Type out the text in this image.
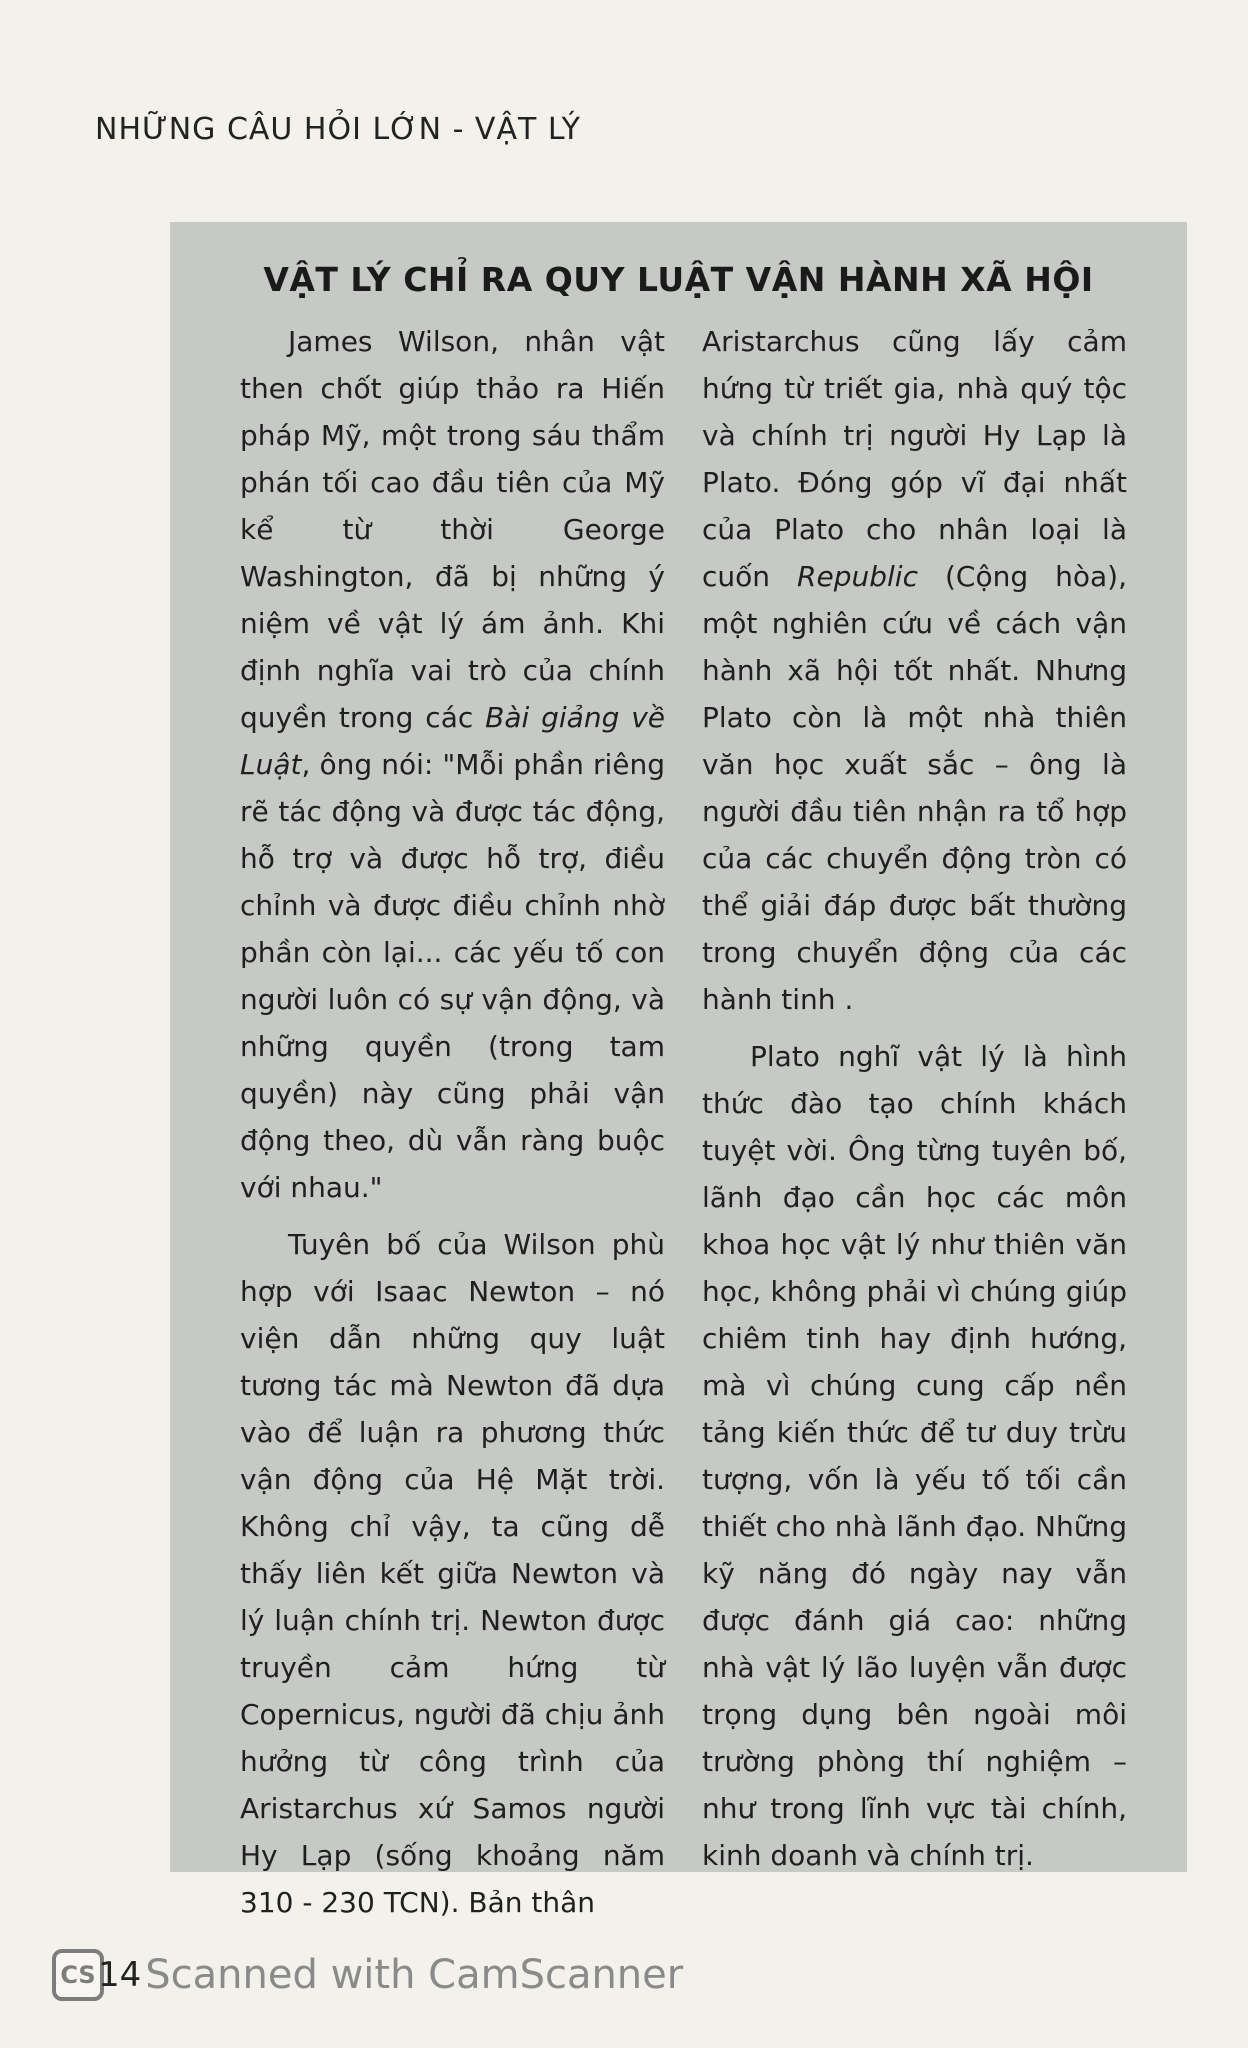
NHỮNG CÂU HỎI LỚN - VẬT LÝ
VẬT LÝ CHỈ RA QUY LUẬT VẬN HÀNH XÃ HỘI

James Wilson, nhân vật then chốt giúp thảo ra Hiến pháp Mỹ, một trong sáu thẩm phán tối cao đầu tiên của Mỹ kể từ thời George Washington, đã bị những ý niệm về vật lý ám ảnh. Khi định nghĩa vai trò của chính quyền trong các Bài giảng về Luật, ông nói: "Mỗi phần riêng rẽ tác động và được tác động, hỗ trợ và được hỗ trợ, điều chỉnh và được điều chỉnh nhờ phần còn lại... các yếu tố con người luôn có sự vận động, và những quyền (trong tam quyền) này cũng phải vận động theo, dù vẫn ràng buộc với nhau."

Tuyên bố của Wilson phù hợp với Isaac Newton – nó viện dẫn những quy luật tương tác mà Newton đã dựa vào để luận ra phương thức vận động của Hệ Mặt trời. Không chỉ vậy, ta cũng dễ thấy liên kết giữa Newton và lý luận chính trị. Newton được truyền cảm hứng từ Copernicus, người đã chịu ảnh hưởng từ công trình của Aristarchus xứ Samos người Hy Lạp (sống khoảng năm 310 - 230 TCN). Bản thân

Aristarchus cũng lấy cảm hứng từ triết gia, nhà quý tộc và chính trị người Hy Lạp là Plato. Đóng góp vĩ đại nhất của Plato cho nhân loại là cuốn Republic (Cộng hòa), một nghiên cứu về cách vận hành xã hội tốt nhất. Nhưng Plato còn là một nhà thiên văn học xuất sắc – ông là người đầu tiên nhận ra tổ hợp của các chuyển động tròn có thể giải đáp được bất thường trong chuyển động của các hành tinh .

Plato nghĩ vật lý là hình thức đào tạo chính khách tuyệt vời. Ông từng tuyên bố, lãnh đạo cần học các môn khoa học vật lý như thiên văn học, không phải vì chúng giúp chiêm tinh hay định hướng, mà vì chúng cung cấp nền tảng kiến thức để tư duy trừu tượng, vốn là yếu tố tối cần thiết cho nhà lãnh đạo. Những kỹ năng đó ngày nay vẫn được đánh giá cao: những nhà vật lý lão luyện vẫn được trọng dụng bên ngoài môi trường phòng thí nghiệm – như trong lĩnh vực tài chính, kinh doanh và chính trị.

CS 14 Scanned with CamScanner
